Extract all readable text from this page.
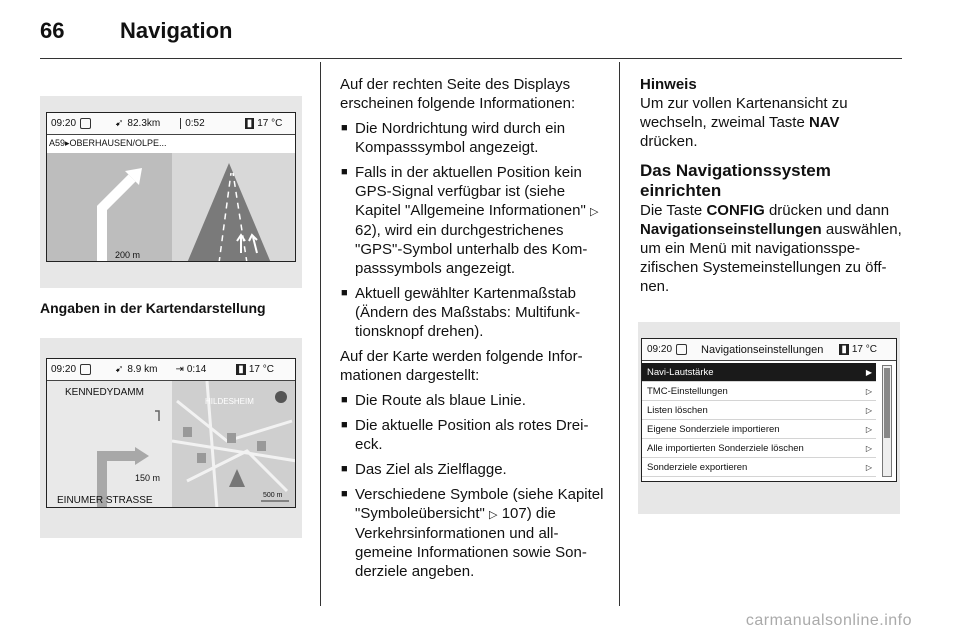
66	Navigation
09:20	➹ 82.3km	0:52	▮ 17 °C
A59▸OBERHAUSEN/OLPE...
200 m
Angaben in der Kartendarstellung
09:20	➹ 8.9 km ⇥ 0:14	▮ 17 °C
KENNEDYDAMM
HILDESHEIM
150 m
EINUMER STRASSE	500 m

Auf der rechten Seite des Displays erscheinen folgende Informationen:

■ Die Nordrichtung wird durch ein Kompasssymbol angezeigt.
■ Falls in der aktuellen Position kein GPS-Signal verfügbar ist (siehe Kapitel "Allgemeine Informationen" ▷ 62), wird ein durchgestrichenes "GPS"-Symbol unterhalb des Kompasssymbols angezeigt.
■ Aktuell gewählter Kartenmaßstab (Ändern des Maßstabs: Multifunktionsknopf drehen).

Auf der Karte werden folgende Informationen dargestellt:

■ Die Route als blaue Linie.
■ Die aktuelle Position als rotes Dreieck.
■ Das Ziel als Zielflagge.
■ Verschiedene Symbole (siehe Kapitel "Symboleübersicht" ▷ 107) die Verkehrsinformationen und allgemeine Informationen sowie Sonderziele angeben.

Hinweis

Um zur vollen Kartenansicht zu wechseln, zweimal Taste NAV
drücken.

Das Navigationssystem einrichten

Die Taste CONFIG drücken und dann Navigationseinstellungen auswählen, um ein Menü mit navigationsspezifischen Systemeinstellungen zu öffnen.

09:20	Navigationseinstellungen ▮ 17 °C
Navi-Lautstärke	▶
TMC-Einstellungen	▷
Listen löschen	▷
Eigene Sonderziele importieren	▷
Alle importierten Sonderziele löschen	▷
Sonderziele exportieren	▷
carmanualsonline.info
